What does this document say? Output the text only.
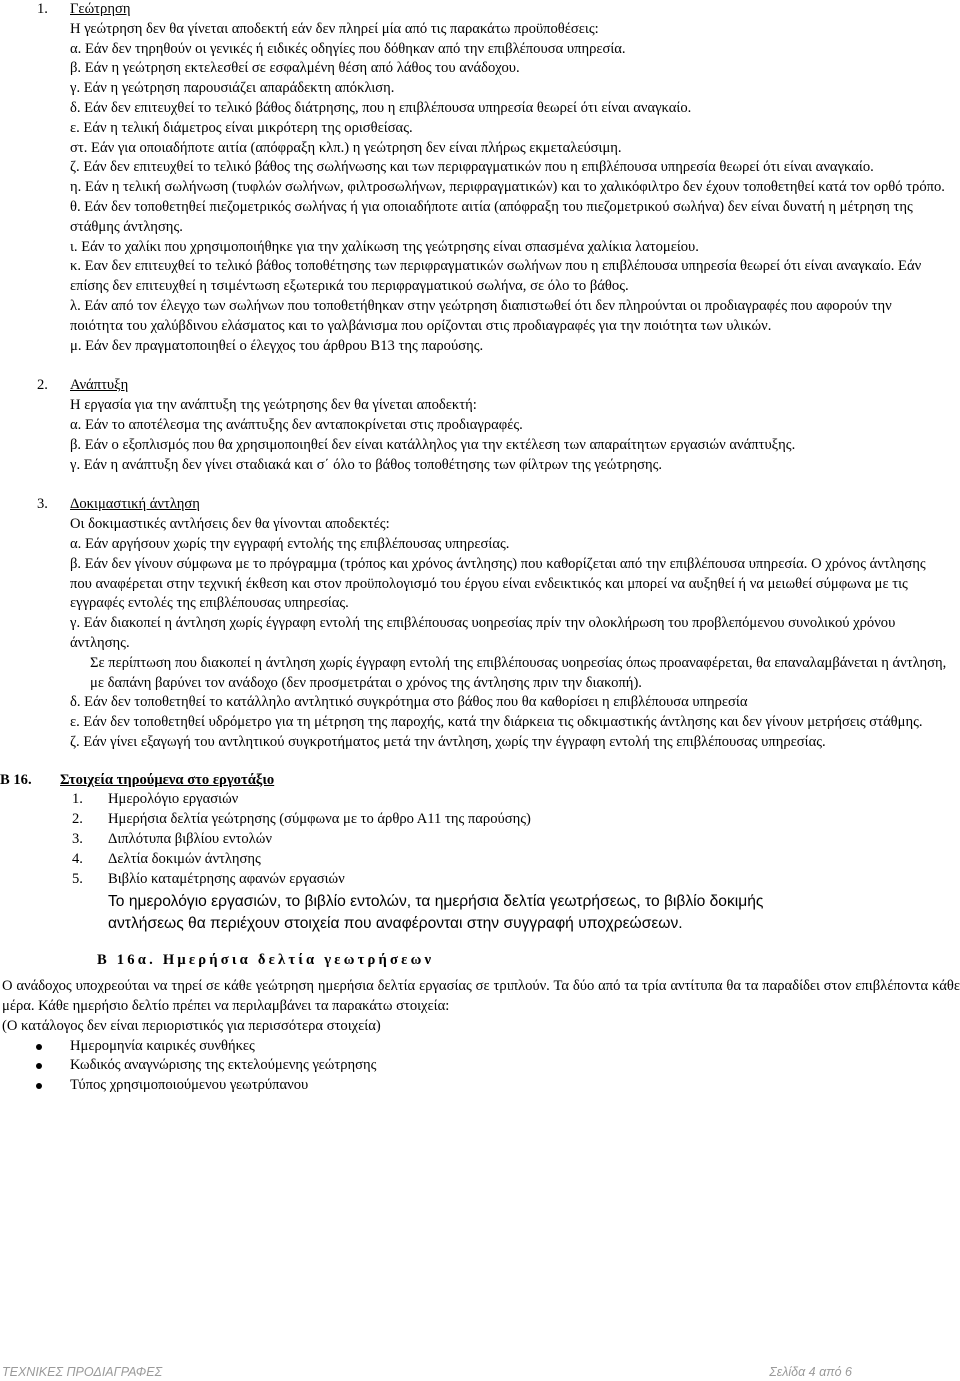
1. Γεώτρηση

Η γεώτρηση δεν θα γίνεται αποδεκτή εάν δεν πληρεί μία από τις παρακάτω προϋποθέσεις:

α. Εάν δεν τηρηθούν οι γενικές ή ειδικές οδηγίες που δόθηκαν από την επιβλέπουσα υπηρεσία.

β. Εάν η γεώτρηση εκτελεσθεί σε εσφαλμένη θέση από λάθος του ανάδοχου.

γ. Εάν η γεώτρηση παρουσιάζει απαράδεκτη απόκλιση.

δ. Εάν δεν επιτευχθεί το τελικό βάθος διάτρησης, που η επιβλέπουσα υπηρεσία θεωρεί ότι είναι αναγκαίο.

ε. Εάν η τελική διάμετρος είναι μικρότερη της ορισθείσας.

στ. Εάν για οποιαδήποτε αιτία (απόφραξη κλπ.) η γεώτρηση δεν είναι πλήρως εκμεταλεύσιμη.

ζ. Εάν δεν επιτευχθεί το τελικό βάθος της σωλήνωσης και των περιφραγματικών που η επιβλέπουσα υπηρεσία θεωρεί ότι είναι αναγκαίο.

η. Εάν η τελική σωλήνωση (τυφλών σωλήνων, φιλτροσωλήνων, περιφραγματικών) και το χαλικόφιλτρο δεν έχουν τοποθετηθεί κατά τον ορθό τρόπο.

θ. Εάν δεν τοποθετηθεί πιεζομετρικός σωλήνας ή για οποιαδήποτε αιτία (απόφραξη του πιεζομετρικού σωλήνα) δεν είναι δυνατή η μέτρηση της στάθμης άντλησης.

ι. Εάν το χαλίκι που χρησιμοποιήθηκε για την χαλίκωση της γεώτρησης είναι σπασμένα χαλίκια λατομείου.

κ. Εαν δεν επιτευχθεί το τελικό βάθος τοποθέτησης των περιφραγματικών σωλήνων που η επιβλέπουσα υπηρεσία θεωρεί ότι είναι αναγκαίο. Εάν επίσης δεν επιτευχθεί η τσιμέντωση εξωτερικά του περιφραγματικού σωλήνα, σε όλο το βάθος.

λ. Εάν από τον έλεγχο των σωλήνων που τοποθετήθηκαν στην γεώτρηση διαπιστωθεί ότι δεν πληρούνται οι προδιαγραφές που αφορούν την ποιότητα του χαλύβδινου ελάσματος και το γαλβάνισμα που ορίζονται στις προδιαγραφές για την ποιότητα των υλικών.

μ. Εάν δεν πραγματοποιηθεί ο έλεγχος του άρθρου Β13 της παρούσης.

2. Ανάπτυξη

Η εργασία για την ανάπτυξη της γεώτρησης δεν θα γίνεται αποδεκτή:

α. Εάν το αποτέλεσμα της ανάπτυξης δεν ανταποκρίνεται στις προδιαγραφές.

β. Εάν ο εξοπλισμός που θα χρησιμοποιηθεί δεν είναι κατάλληλος για την εκτέλεση των απαραίτητων εργασιών ανάπτυξης.

γ. Εάν η ανάπτυξη δεν γίνει σταδιακά και σ΄ όλο το βάθος τοποθέτησης των φίλτρων της γεώτρησης.

3. Δοκιμαστική άντληση

Οι δοκιμαστικές αντλήσεις δεν θα γίνονται αποδεκτές:

α. Εάν αργήσουν χωρίς την εγγραφή εντολής της επιβλέπουσας υπηρεσίας.

β. Εάν δεν γίνουν σύμφωνα με το πρόγραμμα (τρόπος και χρόνος άντλησης) που καθορίζεται από την επιβλέπουσα υπηρεσία. Ο χρόνος άντλησης που αναφέρεται στην τεχνική έκθεση και στον προϋπολογισμό του έργου είναι ενδεικτικός και μπορεί να αυξηθεί ή να μειωθεί σύμφωνα με τις εγγραφές εντολές της επιβλέπουσας υπηρεσίας.

γ. Εάν διακοπεί η άντληση χωρίς έγγραφη εντολή της επιβλέπουσας υοηρεσίας πρίν την ολοκλήρωση του προβλεπόμενου συνολικού χρόνου άντλησης.

Σε περίπτωση που διακοπεί η άντληση χωρίς έγγραφη εντολή της επιβλέπουσας υοηρεσίας όπως προαναφέρεται, θα επαναλαμβάνεται η άντληση, με δαπάνη βαρύνει τον ανάδοχο (δεν προσμετράται ο χρόνος της άντλησης πριν την διακοπή).

δ. Εάν δεν τοποθετηθεί το κατάλληλο αντλητικό συγκρότημα στο βάθος που θα καθορίσει η επιβλέπουσα υπηρεσία

ε. Εάν δεν τοποθετηθεί υδρόμετρο για τη μέτρηση της παροχής, κατά την διάρκεια τις οδκιμαστικής άντλησης και δεν γίνουν μετρήσεις στάθμης.

ζ. Εάν γίνει εξαγωγή του αντλητικού συγκροτήματος μετά την άντληση, χωρίς την έγγραφη εντολή της επιβλέπουσας υπηρεσίας.

Β 16. Στοιχεία τηρούμενα στο εργοτάξιο
1. Ημερολόγιο εργασιών
2. Ημερήσια δελτία γεώτρησης (σύμφωνα με το άρθρο Α11 της παρούσης)
3. Διπλότυπα βιβλίου εντολών
4. Δελτία δοκιμών άντλησης
5. Βιβλίο καταμέτρησης αφανών εργασιών
Το ημερολόγιο εργασιών, το βιβλίο εντολών, τα ημερήσια δελτία γεωτρήσεως, το βιβλίο δοκιμής αντλήσεως θα περιέχουν στοιχεία που αναφέρονται στην συγγραφή υποχρεώσεων.
Β 16α. Ημερήσια δελτία γεωτρήσεων

Ο ανάδοχος υποχρεούται να τηρεί σε κάθε γεώτρηση ημερήσια δελτία εργασίας σε τριπλούν. Τα δύο από τα τρία αντίτυπα θα τα παραδίδει στον επιβλέποντα κάθε μέρα. Κάθε ημερήσιο δελτίο πρέπει να περιλαμβάνει τα παρακάτω στοιχεία:

(Ο κατάλογος δεν είναι περιοριστικός για περισσότερα στοιχεία)

Ημερομηνία καιρικές συνθήκες
Κωδικός αναγνώρισης της εκτελούμενης γεώτρησης
Τύπος χρησιμοποιούμενου γεωτρύπανου
ΤΕΧΝΙΚΕΣ ΠΡΟΔΙΑΓΡΑΦΕΣ	Σελίδα 4 από 6
